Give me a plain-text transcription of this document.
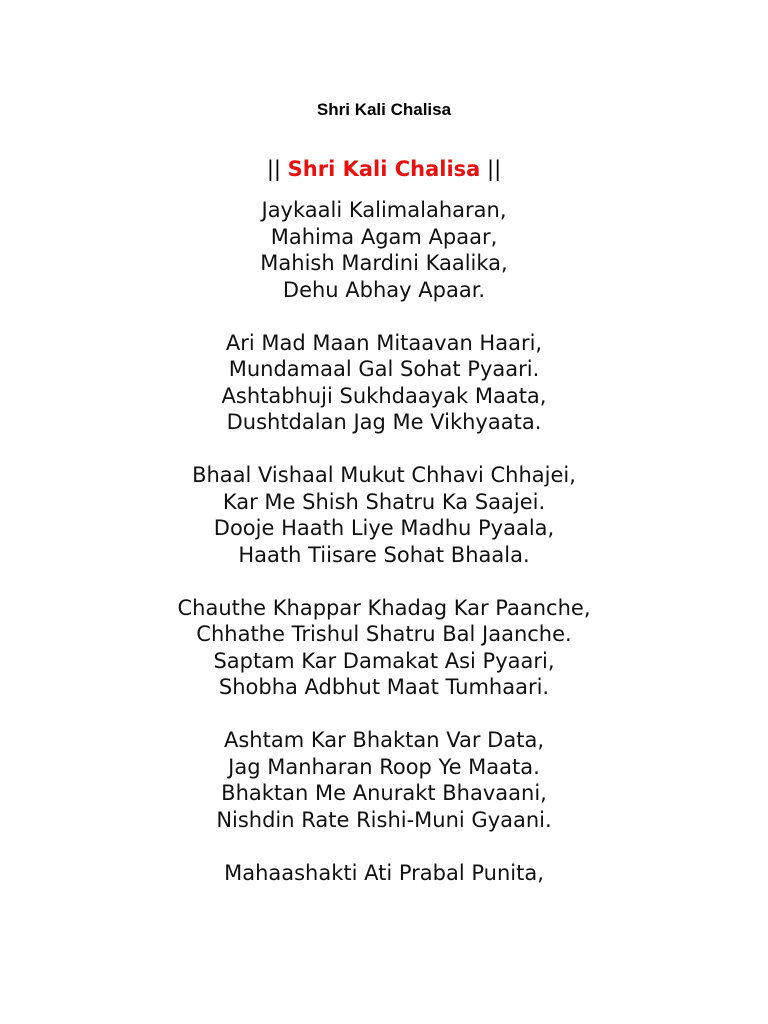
Shri Kali Chalisa
|| Shri Kali Chalisa ||
Jaykaali Kalimalaharan,
Mahima Agam Apaar,
Mahish Mardini Kaalika,
Dehu Abhay Apaar.
Ari Mad Maan Mitaavan Haari,
Mundamaal Gal Sohat Pyaari.
Ashtabhuji Sukhdaayak Maata,
Dushtdalan Jag Me Vikhyaata.
Bhaal Vishaal Mukut Chhavi Chhajei,
Kar Me Shish Shatru Ka Saajei.
Dooje Haath Liye Madhu Pyaala,
Haath Tiisare Sohat Bhaala.
Chauthe Khappar Khadag Kar Paanche,
Chhathe Trishul Shatru Bal Jaanche.
Saptam Kar Damakat Asi Pyaari,
Shobha Adbhut Maat Tumhaari.
Ashtam Kar Bhaktan Var Data,
Jag Manharan Roop Ye Maata.
Bhaktan Me Anurakt Bhavaani,
Nishdin Rate Rishi-Muni Gyaani.
Mahaashakti Ati Prabal Punita,
